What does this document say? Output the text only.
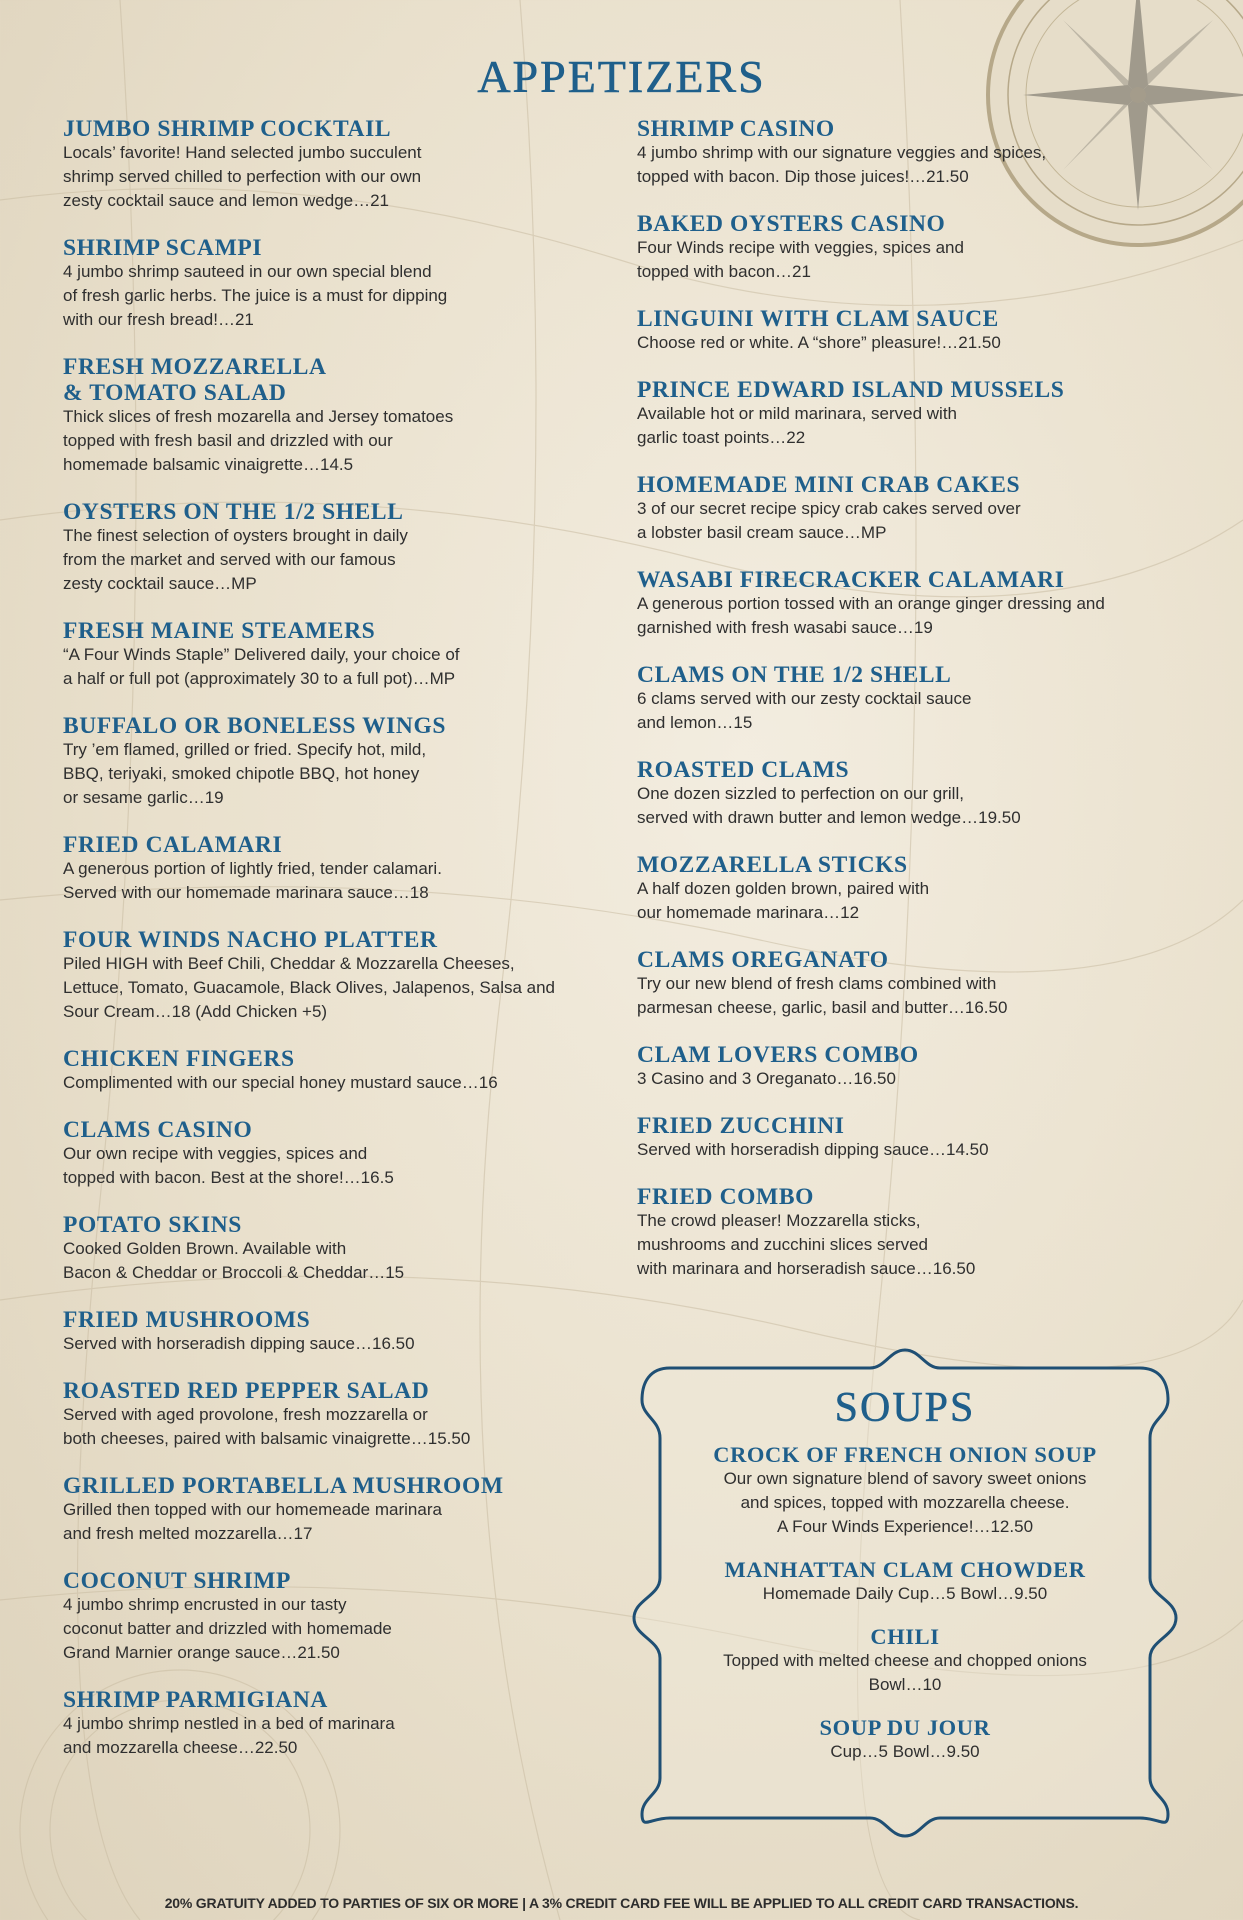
APPETIZERS
JUMBO SHRIMP COCKTAIL
Locals’ favorite! Hand selected jumbo succulent
shrimp served chilled to perfection with our own
zesty cocktail sauce and lemon wedge…21
SHRIMP SCAMPI
4 jumbo shrimp sauteed in our own special blend
of fresh garlic herbs. The juice is a must for dipping
with our fresh bread!…21
FRESH MOZZARELLA
& TOMATO SALAD
Thick slices of fresh mozarella and Jersey tomatoes
topped with fresh basil and drizzled with our
homemade balsamic vinaigrette…14.5
OYSTERS ON THE 1/2 SHELL
The finest selection of oysters brought in daily
from the market and served with our famous
zesty cocktail sauce…MP
FRESH MAINE STEAMERS
“A Four Winds Staple” Delivered daily, your choice of
a half or full pot (approximately 30 to a full pot)…MP
BUFFALO OR BONELESS WINGS
Try ’em flamed, grilled or fried. Specify hot, mild,
BBQ, teriyaki, smoked chipotle BBQ, hot honey
or sesame garlic…19
FRIED CALAMARI
A generous portion of lightly fried, tender calamari.
Served with our homemade marinara sauce…18
FOUR WINDS NACHO PLATTER
Piled HIGH with Beef Chili, Cheddar & Mozzarella Cheeses,
Lettuce, Tomato, Guacamole, Black Olives, Jalapenos, Salsa and
Sour Cream…18 (Add Chicken +5)
CHICKEN FINGERS
Complimented with our special honey mustard sauce…16
CLAMS CASINO
Our own recipe with veggies, spices and
topped with bacon. Best at the shore!…16.5
POTATO SKINS
Cooked Golden Brown. Available with
Bacon & Cheddar or Broccoli & Cheddar…15
FRIED MUSHROOMS
Served with horseradish dipping sauce…16.50
ROASTED RED PEPPER SALAD
Served with aged provolone, fresh mozzarella or
both cheeses, paired with balsamic vinaigrette…15.50
GRILLED PORTABELLA MUSHROOM
Grilled then topped with our homemeade marinara
and fresh melted mozzarella…17
COCONUT SHRIMP
4 jumbo shrimp encrusted in our tasty
coconut batter and drizzled with homemade
Grand Marnier orange sauce…21.50
SHRIMP PARMIGIANA
4 jumbo shrimp nestled in a bed of marinara
and mozzarella cheese…22.50
SHRIMP CASINO
4 jumbo shrimp with our signature veggies and spices,
topped with bacon. Dip those juices!…21.50
BAKED OYSTERS CASINO
Four Winds recipe with veggies, spices and
topped with bacon…21
LINGUINI WITH CLAM SAUCE
Choose red or white. A “shore” pleasure!…21.50
PRINCE EDWARD ISLAND MUSSELS
Available hot or mild marinara, served with
garlic toast points…22
HOMEMADE MINI CRAB CAKES
3 of our secret recipe spicy crab cakes served over
a lobster basil cream sauce…MP
WASABI FIRECRACKER CALAMARI
A generous portion tossed with an orange ginger dressing and
garnished with fresh wasabi sauce…19
CLAMS ON THE 1/2 SHELL
6 clams served with our zesty cocktail sauce
and lemon…15
ROASTED CLAMS
One dozen sizzled to perfection on our grill,
served with drawn butter and lemon wedge…19.50
MOZZARELLA STICKS
A half dozen golden brown, paired with
our homemade marinara…12
CLAMS OREGANATO
Try our new blend of fresh clams combined with
parmesan cheese, garlic, basil and butter…16.50
CLAM LOVERS COMBO
3 Casino and 3 Oreganato…16.50
FRIED ZUCCHINI
Served with horseradish dipping sauce…14.50
FRIED COMBO
The crowd pleaser! Mozzarella sticks,
mushrooms and zucchini slices served
with marinara and horseradish sauce…16.50
SOUPS
CROCK OF FRENCH ONION SOUP
Our own signature blend of savory sweet onions
and spices, topped with mozzarella cheese.
A Four Winds Experience!…12.50
MANHATTAN CLAM CHOWDER
Homemade Daily Cup…5 Bowl…9.50
CHILI
Topped with melted cheese and chopped onions
Bowl…10
SOUP DU JOUR
Cup…5 Bowl…9.50
20% GRATUITY ADDED TO PARTIES OF SIX OR MORE | A 3% CREDIT CARD FEE WILL BE APPLIED TO ALL CREDIT CARD TRANSACTIONS.
